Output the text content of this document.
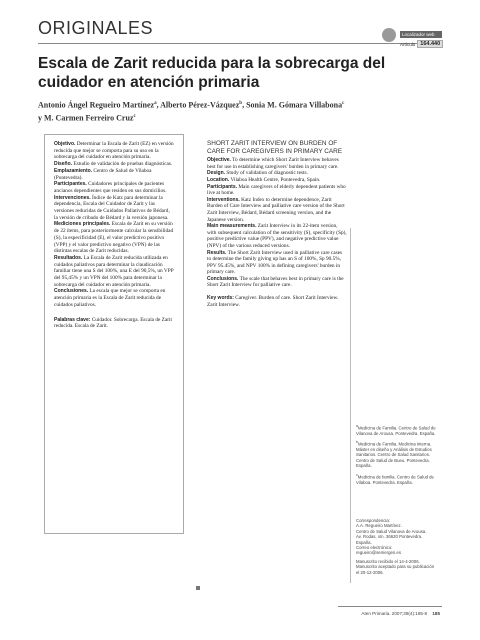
ORIGINALES	Localizador web
Artículo 164.440
Escala de Zarit reducida para la sobrecarga del cuidador en atención primaria
Antonio Ángel Regueiro Martínez$^a$, Alberto Pérez-Vázquez$^b$, Sonia M. Gómara Villabona$^c$
y M. Carmen Ferreiro Cruz$^c$

Objetivo. Determinar la Escala de Zarit (EZ) en versión reducida que mejor se comporta para su uso en la sobrecarga del cuidador en atención primaria.

Diseño. Estudio de validación de pruebas diagnósticas.

Emplazamiento. Centro de Salud de Vilaboa (Pontevedra).

Participantes. Cuidadores principales de pacientes ancianos dependientes que residen en sus domicilios.

Intervenciones. Índice de Katz para determinar la dependencia, Escala del Cuidador de Zarit y las versiones reducidas de Cuidados Paliativos de Bédard, la versión de cribado de Bédard y la versión japonesa.

Mediciones principales. Escala de Zarit en su versión de 22 ítems, para posteriormente calcular la sensibilidad (S), la especificidad (E), el valor predictivo positivo (VPP) y el valor predictivo negativo (VPN) de las distintas escalas de Zarit reducidas.

Resultados. La Escala de Zarit reducida utilizada en cuidados paliativos para determinar la claudicación familiar tiene una S del 100%, una E del 90,5%, un VPP del 95,45% y un VPN del 100% para determinar la sobrecarga del cuidador en atención primaria.

Conclusiones. La escala que mejor se comporta en atención primaria es la Escala de Zarit reducida de cuidados paliativos.

Palabras clave: Cuidador. Sobrecarga. Escala de Zarit reducida. Escala de Zarit.

SHORT ZARIT INTERVIEW ON BURDEN OF CARE FOR CAREGIVERS IN PRIMARY CARE

Objective. To determine which Short Zarit Interview behaves best for use in establishing caregivers' burden in primary care.

Design. Study of validation of diagnostic tests.

Location. Vilaboa Health Centre, Pontevedra, Spain.

Participants. Main caregivers of elderly dependent patients who live at home.

Interventions. Katz Index to determine dependence, Zarit Burden of Care Interview and palliative care version of the Short Zarit Interview, Bédard, Bédard screening version, and the Japanese version.

Main measurements. Zarit Interview in its 22-item version, with subsequent calculation of the sensitivity (S), specificity (Sp), positive predictive value (PPV), and negative predictive value (NPV) of the various reduced versions.

Results. The Short Zarit Interview used in palliative care cases to determine the family giving up has an S of 100%, Sp 90.5%, PPV 95.45%, and NPV 100% in defining caregivers' burden in primary care.

Conclusions. The scale that behaves best in primary care is the Short Zarit Interview for palliative care.

Key words: Caregiver. Burden of care. Short Zarit Interview. Zarit Interview.

$^a$Medicina de Familia. Centro de Salud de Vilanova de Arousa. Pontevedra. España.

$^b$Medicina de Familia. Medicina interna. Máster en diseño y Análisis de Estudios Sanitarios. Centro de Salud Sanitarios. Centro de Salud de Bueu. Pontevedra. España.

$^c$Medicina de familia. Centro de Salud de Vilaboa. Pontevedra. España.

Correspondencia:
A.A. Regueiro Martínez.
Centro de Salud Vilanova de Arousa.
Av. Rodas, s/n. 36620 Pontevedra.
España.
Correo electrónico:
regueiro@semergen.es

Manuscrito recibido el 14-4-2006.

Manuscrito aceptado para su publicación el 20-12-2006.

Aten Primaria. 2007;39(4):185-8 185
